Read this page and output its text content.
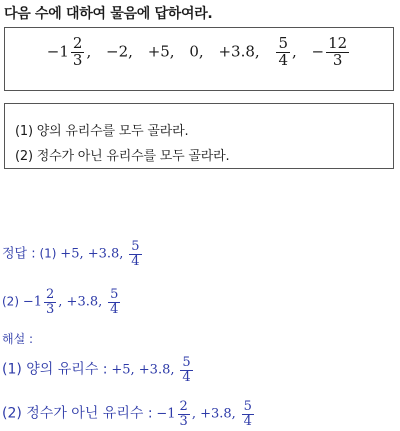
다음 수에 대하여 물음에 답하여라.
$-1 \frac{2}{3}$ , −2, +5, 0, +3.8, $\frac{5}{4}$ , − $\frac{12}{3}$
(1) 양의 유리수를 모두 골라라.
(2) 정수가 아닌 유리수를 모두 골라라.
정답 : (1) +5, +3.8, $\frac{5}{4}$
$(2) -1 \frac{2}{3}$ , +3.8, $\frac{5}{4}$
해설 :
(1) 양의 유리수 : +5, +3.8, $\frac{5}{4}$
(2) 정수가 아닌 유리수 : $-1 \frac{2}{3}$ , +3.8, $\frac{5}{4}$
